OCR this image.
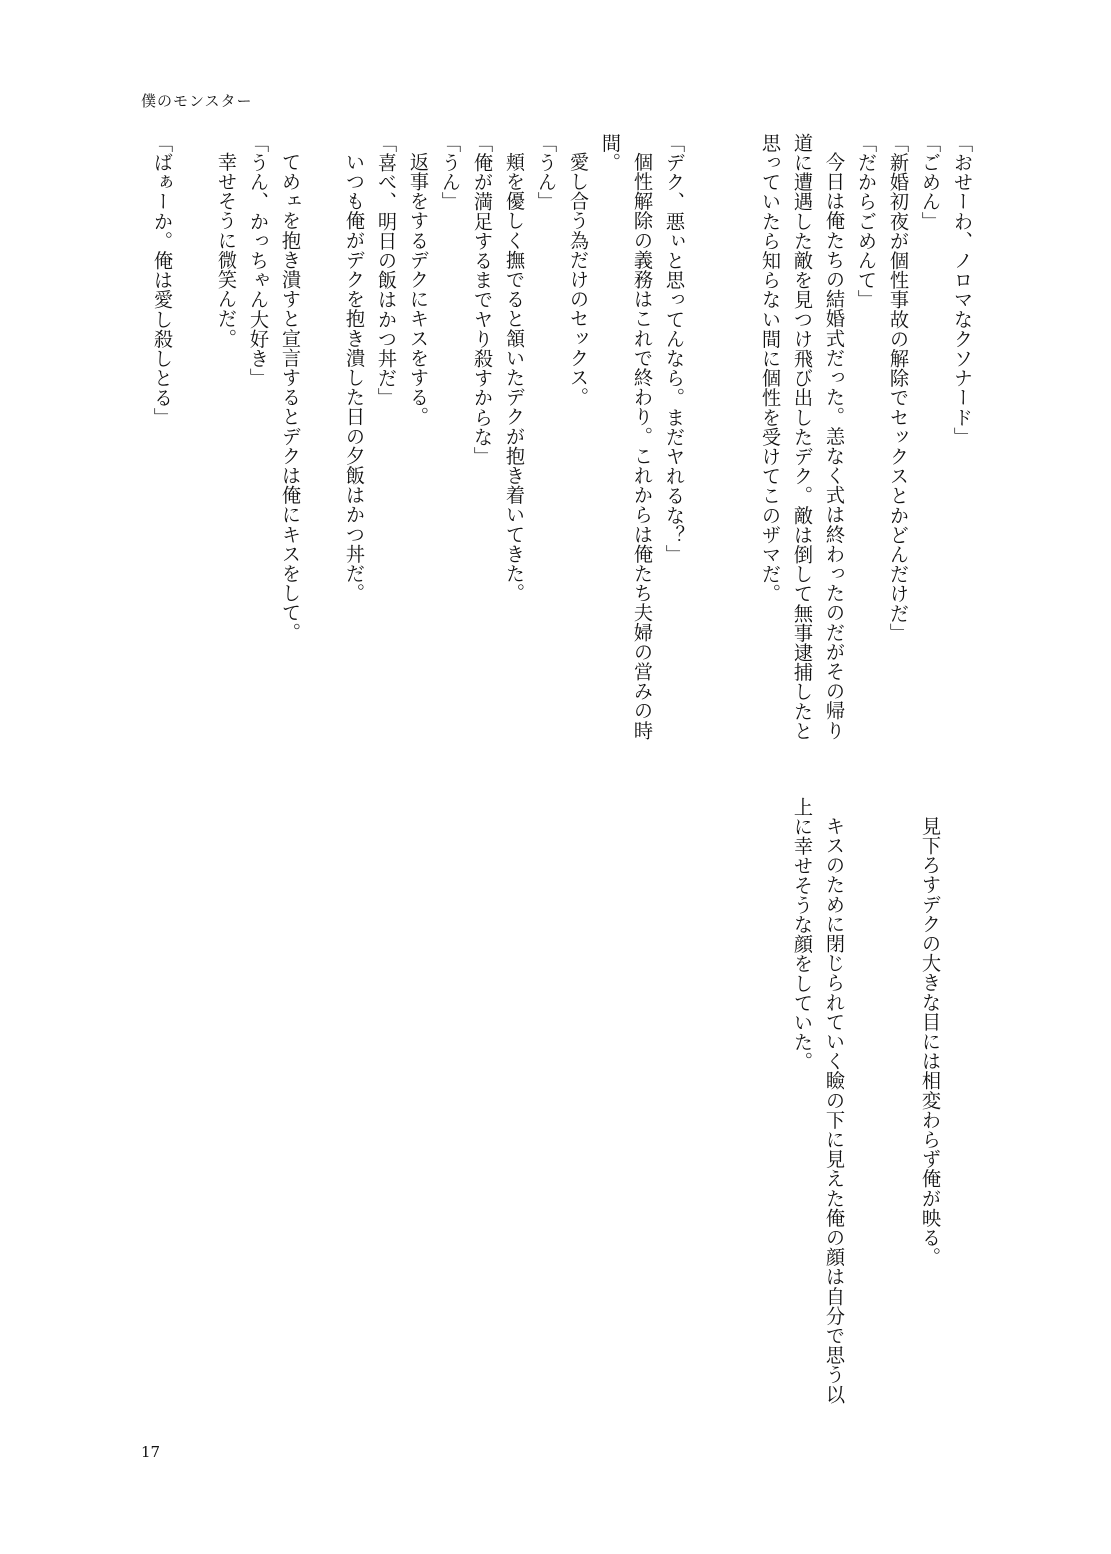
僕のモンスター
「おせーわ、ノロマなクソナード」
「ごめん」
「新婚初夜が個性事故の解除でセックスとかどんだけだ」
「だからごめんて」
今日は俺たちの結婚式だった。恙なく式は終わったのだがその帰り
道に遭遇した敵を見つけ飛び出したデク。敵は倒して無事逮捕したと
思っていたら知らない間に個性を受けてこのザマだ。
「デク、悪ぃと思ってんなら。まだヤれるな？」
個性解除の義務はこれで終わり。これからは俺たち夫婦の営みの時
間。
愛し合う為だけのセックス。
「うん」
頬を優しく撫でると頷いたデクが抱き着いてきた。
「俺が満足するまでヤり殺すからな」
「うん」
返事をするデクにキスをする。
「喜べ、明日の飯はかつ丼だ」
いつも俺がデクを抱き潰した日の夕飯はかつ丼だ。
てめェを抱き潰すと宣言するとデクは俺にキスをして。
「うん、かっちゃん大好き」
幸せそうに微笑んだ。
「ばぁーか。俺は愛し殺しとる」
見下ろすデクの大きな目には相変わらず俺が映る。
キスのために閉じられていく瞼の下に見えた俺の顔は自分で思う以
上に幸せそうな顔をしていた。
17
